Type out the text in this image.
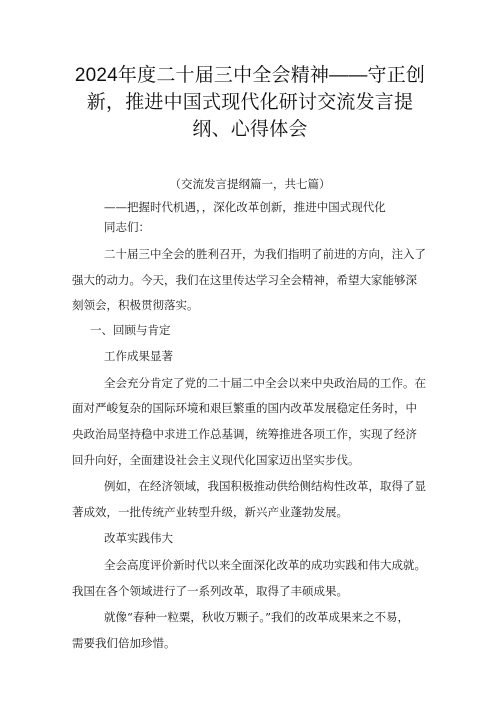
2024年度二十届三中全会精神——守正创
新，推进中国式现代化研讨交流发言提
纲、心得体会
（交流发言提纲篇一，共七篇）
——把握时代机遇，，深化改革创新，推进中国式现代化
同志们：
二十届三中全会的胜利召开，为我们指明了前进的方向，注入了
强大的动力。今天，我们在这里传达学习全会精神，希望大家能够深
刻领会，积极贯彻落实。
一、回顾与肯定
工作成果显著
全会充分肯定了党的二十届二中全会以来中央政治局的工作。在
面对严峻复杂的国际环境和艰巨繁重的国内改革发展稳定任务时，中
央政治局坚持稳中求进工作总基调，统筹推进各项工作，实现了经济
回升向好，全面建设社会主义现代化国家迈出坚实步伐。
例如，在经济领域，我国积极推动供给侧结构性改革，取得了显
著成效，一批传统产业转型升级，新兴产业蓬勃发展。
改革实践伟大
全会高度评价新时代以来全面深化改革的成功实践和伟大成就。
我国在各个领域进行了一系列改革，取得了丰硕成果。
就像“春种一粒粟，秋收万颗子。”我们的改革成果来之不易，
需要我们倍加珍惜。
